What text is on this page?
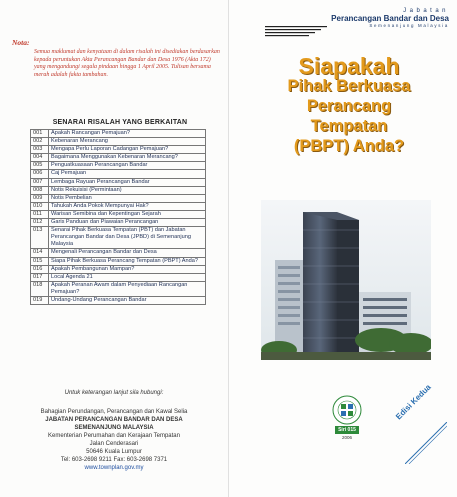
Nota:
Semua maklumat dan kenyataan di dalam risalah ini disediakan berdasarkan kepada peruntukan Akta Perancangan Bandar dan Desa 1976 (Akta 172) yang mengandungi segala pindaan hingga 1 April 2005. Tulisan bersama merah adalah fakta tambahan.
SENARAI RISALAH YANG BERKAITAN
001	Apakah Rancangan Pemajuan?
002	Kebenaran Merancang
003	Mengapa Perlu Laporan Cadangan Pemajuan?
004	Bagaimana Menggunakan Kebenaran Merancang?
005	Penguatkuasaan Perancangan Bandar
006	Caj Pemajuan
007	Lembaga Rayuan Perancangan Bandar
008	Notis Rekuisisi (Permintaan)
009	Notis Pembelian
010	Tahukah Anda Pokok Mempunyai Hak?
011	Warisan Semibina dan Kepentingan Sejarah
012	Garis Panduan dan Piawaian Perancangan
013	Senarai Pihak Berkuasa Tempatan (PBT) dan Jabatan Perancangan Bandar dan Desa (JPBD) di Semenanjung Malaysia
014	Mengenali Perancangan Bandar dan Desa
015	Siapa Pihak Berkuasa Perancang Tempatan (PBPT) Anda?
016	Apakah Pembangunan Mampan?
017	Local Agenda 21
018	Apakah Peranan Awam dalam Penyediaan Rancangan Pemajuan?
019	Undang-Undang Perancangan Bandar
Untuk keterangan lanjut sila hubungi:
Bahagian Perundangan, Perancangan dan Kawal Selia
JABATAN PERANCANGAN BANDAR DAN DESA
SEMENANJUNG MALAYSIA
Kementerian Perumahan dan Kerajaan Tempatan
Jalan Cenderasari
50646 Kuala Lumpur
Tel: 603-2698 9211 Fax: 603-2698 7371
www.townplan.gov.my
Jabatan
Perancangan Bandar dan Desa
Semenanjung Malaysia
Siapakah
Pihak Berkuasa
Perancang
Tempatan
(PBPT) Anda?
Siri 015
2006
Edisi Kedua
